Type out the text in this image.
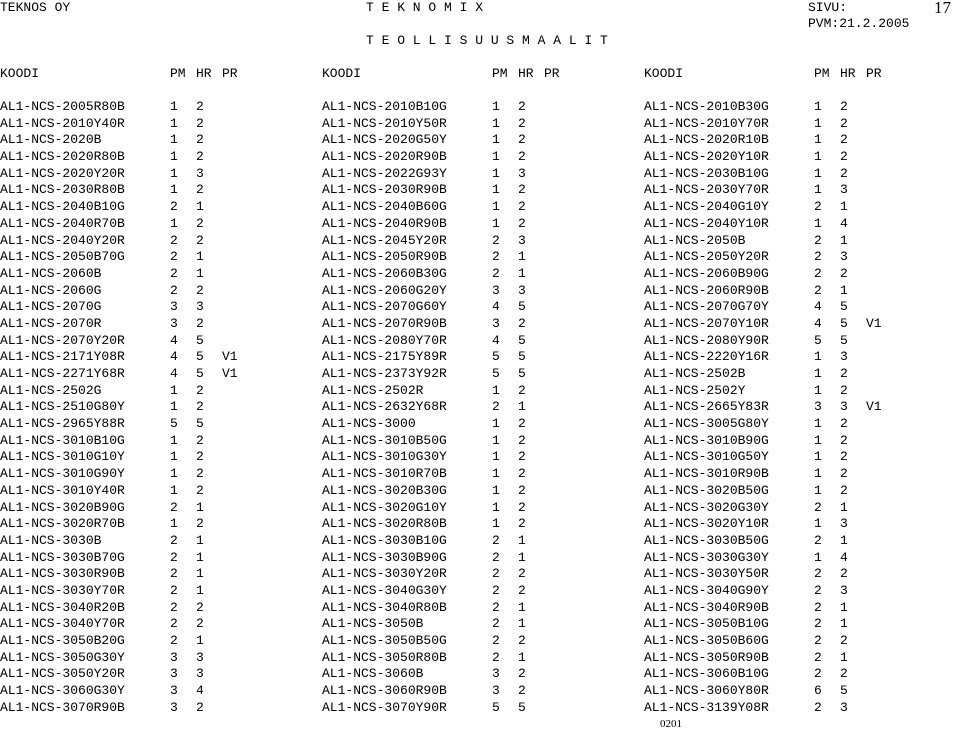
TEKNOS OY	T E K N O M I X
T E O L L I S U U S M A A L I T
SIVU:	17
PVM:21.2.2005
KOODI	PM HR PR	KOODI	PM HR PR	KOODI	PM HR PR
AL1-NCS-2005R80B	1 2	AL1-NCS-2010B10G	1 2	AL1-NCS-2010B30G	1 2
AL1-NCS-2010Y40R	1 2	AL1-NCS-2010Y50R	1 2	AL1-NCS-2010Y70R	1 2
AL1-NCS-2020B	1 2	AL1-NCS-2020G50Y	1 2	AL1-NCS-2020R10B	1 2
AL1-NCS-2020R80B	1 2	AL1-NCS-2020R90B	1 2	AL1-NCS-2020Y10R	1 2
AL1-NCS-2020Y20R	1 3	AL1-NCS-2022G93Y	1 3	AL1-NCS-2030B10G	1 2
AL1-NCS-2030R80B	1 2	AL1-NCS-2030R90B	1 2	AL1-NCS-2030Y70R	1 3
AL1-NCS-2040B10G	2 1	AL1-NCS-2040B60G	1 2	AL1-NCS-2040G10Y	2 1
AL1-NCS-2040R70B	1 2	AL1-NCS-2040R90B	1 2	AL1-NCS-2040Y10R	1 4
AL1-NCS-2040Y20R	2 2	AL1-NCS-2045Y20R	2 3	AL1-NCS-2050B	2 1
AL1-NCS-2050B70G	2 1	AL1-NCS-2050R90B	2 1	AL1-NCS-2050Y20R	2 3
AL1-NCS-2060B	2 1	AL1-NCS-2060B30G	2 1	AL1-NCS-2060B90G	2 2
AL1-NCS-2060G	2 2	AL1-NCS-2060G20Y	3 3	AL1-NCS-2060R90B	2 1
AL1-NCS-2070G	3 3	AL1-NCS-2070G60Y	4 5	AL1-NCS-2070G70Y	4 5
AL1-NCS-2070R	3 2	AL1-NCS-2070R90B	3 2	AL1-NCS-2070Y10R	4 5 V1
AL1-NCS-2070Y20R	4 5	AL1-NCS-2080Y70R	4 5	AL1-NCS-2080Y90R	5 5
AL1-NCS-2171Y08R	4 5 V1	AL1-NCS-2175Y89R	5 5	AL1-NCS-2220Y16R	1 3
AL1-NCS-2271Y68R	4 5 V1	AL1-NCS-2373Y92R	5 5	AL1-NCS-2502B	1 2
AL1-NCS-2502G	1 2	AL1-NCS-2502R	1 2	AL1-NCS-2502Y	1 2
AL1-NCS-2510G80Y	1 2	AL1-NCS-2632Y68R	2 1	AL1-NCS-2665Y83R	3 3 V1
AL1-NCS-2965Y88R	5 5	AL1-NCS-3000	1 2	AL1-NCS-3005G80Y	1 2
AL1-NCS-3010B10G	1 2	AL1-NCS-3010B50G	1 2	AL1-NCS-3010B90G	1 2
AL1-NCS-3010G10Y	1 2	AL1-NCS-3010G30Y	1 2	AL1-NCS-3010G50Y	1 2
AL1-NCS-3010G90Y	1 2	AL1-NCS-3010R70B	1 2	AL1-NCS-3010R90B	1 2
AL1-NCS-3010Y40R	1 2	AL1-NCS-3020B30G	1 2	AL1-NCS-3020B50G	1 2
AL1-NCS-3020B90G	2 1	AL1-NCS-3020G10Y	1 2	AL1-NCS-3020G30Y	2 1
AL1-NCS-3020R70B	1 2	AL1-NCS-3020R80B	1 2	AL1-NCS-3020Y10R	1 3
AL1-NCS-3030B	2 1	AL1-NCS-3030B10G	2 1	AL1-NCS-3030B50G	2 1
AL1-NCS-3030B70G	2 1	AL1-NCS-3030B90G	2 1	AL1-NCS-3030G30Y	1 4
AL1-NCS-3030R90B	2 1	AL1-NCS-3030Y20R	2 2	AL1-NCS-3030Y50R	2 2
AL1-NCS-3030Y70R	2 1	AL1-NCS-3040G30Y	2 2	AL1-NCS-3040G90Y	2 3
AL1-NCS-3040R20B	2 2	AL1-NCS-3040R80B	2 1	AL1-NCS-3040R90B	2 1
AL1-NCS-3040Y70R	2 2	AL1-NCS-3050B	2 1	AL1-NCS-3050B10G	2 1
AL1-NCS-3050B20G	2 1	AL1-NCS-3050B50G	2 2	AL1-NCS-3050B60G	2 2
AL1-NCS-3050G30Y	3 3	AL1-NCS-3050R80B	2 1	AL1-NCS-3050R90B	2 1
AL1-NCS-3050Y20R	3 3	AL1-NCS-3060B	3 2	AL1-NCS-3060B10G	2 2
AL1-NCS-3060G30Y	3 4	AL1-NCS-3060R90B	3 2	AL1-NCS-3060Y80R	6 5
AL1-NCS-3070R90B	3 2	AL1-NCS-3070Y90R	5 5	AL1-NCS-3139Y08R	2 3
0201
